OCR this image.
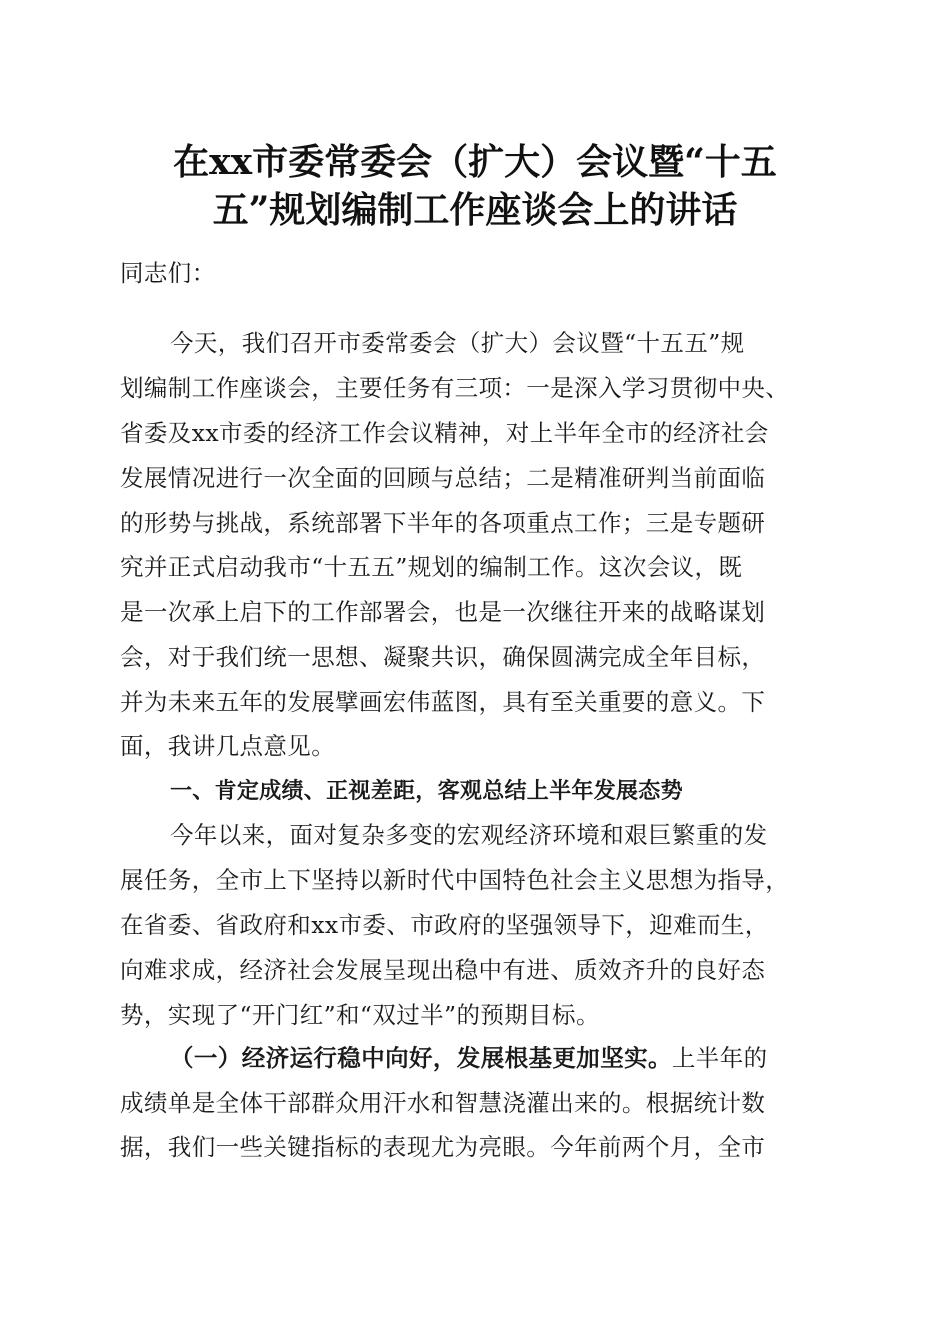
在xx市委常委会（扩大）会议暨“十五
五”规划编制工作座谈会上的讲话
同志们：
今天，我们召开市委常委会（扩大）会议暨“十五五”规
划编制工作座谈会，主要任务有三项：一是深入学习贯彻中央、
省委及xx市委的经济工作会议精神，对上半年全市的经济社会
发展情况进行一次全面的回顾与总结；二是精准研判当前面临
的形势与挑战，系统部署下半年的各项重点工作；三是专题研
究并正式启动我市“十五五”规划的编制工作。这次会议，既
是一次承上启下的工作部署会，也是一次继往开来的战略谋划
会，对于我们统一思想、凝聚共识，确保圆满完成全年目标，
并为未来五年的发展擘画宏伟蓝图，具有至关重要的意义。下
面，我讲几点意见。
一、肯定成绩、正视差距，客观总结上半年发展态势
今年以来，面对复杂多变的宏观经济环境和艰巨繁重的发
展任务，全市上下坚持以新时代中国特色社会主义思想为指导，
在省委、省政府和xx市委、市政府的坚强领导下，迎难而生，
向难求成，经济社会发展呈现出稳中有进、质效齐升的良好态
势，实现了“开门红”和“双过半”的预期目标。
（一）经济运行稳中向好，发展根基更加坚实。上半年的
成绩单是全体干部群众用汗水和智慧浇灌出来的。根据统计数
据，我们一些关键指标的表现尤为亮眼。今年前两个月，全市
